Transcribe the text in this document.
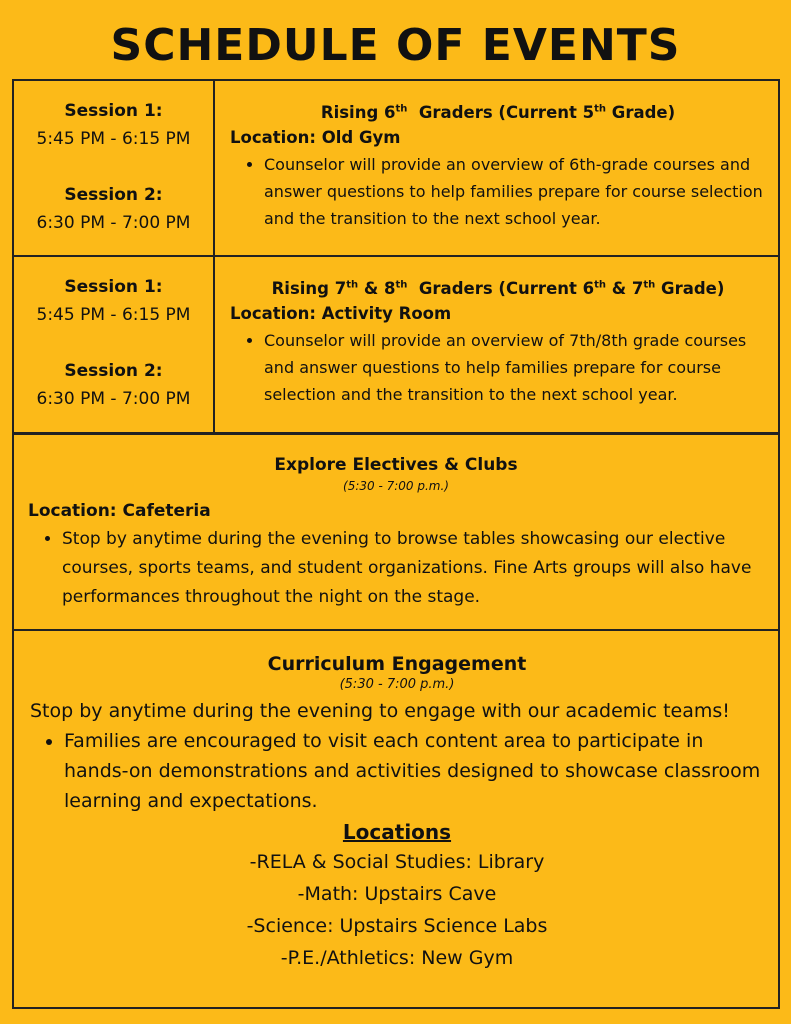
SCHEDULE OF EVENTS
Session 1:
5:45 PM - 6:15 PM
Session 2:
6:30 PM - 7:00 PM
Rising 6th  Graders (Current 5th Grade)
Location: Old Gym
• Counselor will provide an overview of 6th-grade courses and answer questions to help families prepare for course selection and the transition to the next school year.
Session 1:
5:45 PM - 6:15 PM
Session 2:
6:30 PM - 7:00 PM
Rising 7th & 8th  Graders (Current 6th & 7th Grade)
Location: Activity Room
• Counselor will provide an overview of 7th/8th grade courses and answer questions to help families prepare for course selection and the transition to the next school year.
Explore Electives & Clubs
(5:30 - 7:00 p.m.)
Location: Cafeteria
• Stop by anytime during the evening to browse tables showcasing our elective courses, sports teams, and student organizations. Fine Arts groups will also have performances throughout the night on the stage.
Curriculum Engagement
(5:30 - 7:00 p.m.)
Stop by anytime during the evening to engage with our academic teams!
• Families are encouraged to visit each content area to participate in hands-on demonstrations and activities designed to showcase classroom learning and expectations.
Locations
-RELA & Social Studies: Library
-Math: Upstairs Cave
-Science: Upstairs Science Labs
-P.E./Athletics: New Gym
